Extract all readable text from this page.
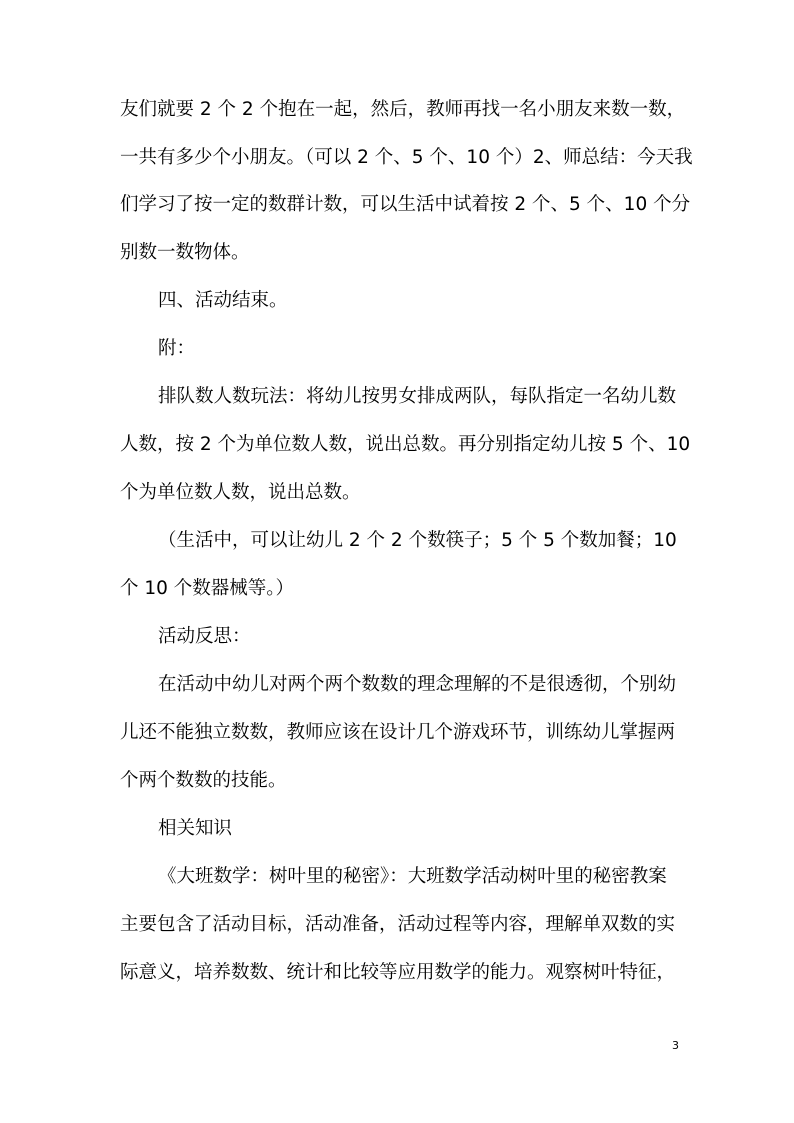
友们就要 2 个 2 个抱在一起，然后，教师再找一名小朋友来数一数，
一共有多少个小朋友。（可以 2 个、5 个、10 个）2、师总结：今天我
们学习了按一定的数群计数，可以生活中试着按 2 个、5 个、10 个分
别数一数物体。
四、活动结束。
附：
排队数人数玩法：将幼儿按男女排成两队，每队指定一名幼儿数
人数，按 2 个为单位数人数，说出总数。再分别指定幼儿按 5 个、10
个为单位数人数，说出总数。
（生活中，可以让幼儿 2 个 2 个数筷子；5 个 5 个数加餐；10
个 10 个数器械等。）
活动反思：
在活动中幼儿对两个两个数数的理念理解的不是很透彻，个别幼
儿还不能独立数数，教师应该在设计几个游戏环节，训练幼儿掌握两
个两个数数的技能。
相关知识
《大班数学：树叶里的秘密》：大班数学活动树叶里的秘密教案
主要包含了活动目标，活动准备，活动过程等内容，理解单双数的实
际意义，培养数数、统计和比较等应用数学的能力。观察树叶特征，
3
